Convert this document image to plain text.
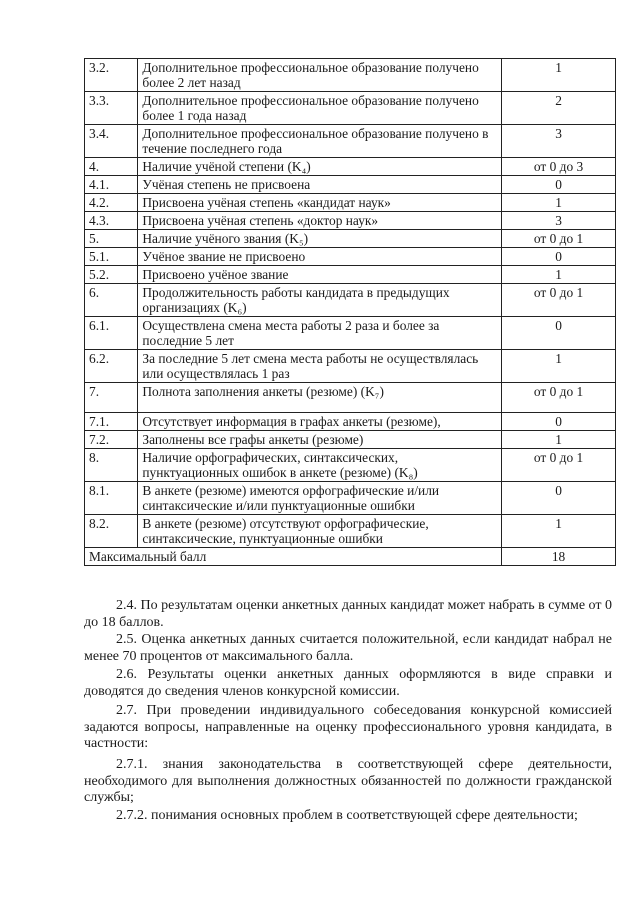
3.2.	Дополнительное профессиональное образование получено более 2 лет назад	1
3.3.	Дополнительное профессиональное образование получено более 1 года назад	2
3.4.	Дополнительное профессиональное образование получено в течение последнего года	3
4.	Наличие учёной степени (K₄)	от 0 до 3
4.1.	Учёная степень не присвоена	0
4.2.	Присвоена учёная степень «кандидат наук»	1
4.3.	Присвоена учёная степень «доктор наук»	3
5.	Наличие учёного звания (K₅)	от 0 до 1
5.1.	Учёное звание не присвоено	0
5.2.	Присвоено учёное звание	1
6.	Продолжительность работы кандидата в предыдущих организациях (K₆)	от 0 до 1
6.1.	Осуществлена смена места работы 2 раза и более за последние 5 лет	0
6.2.	За последние 5 лет смена места работы не осуществлялась или осуществлялась 1 раз	1
7.	Полнота заполнения анкеты (резюме) (K₇)	от 0 до 1
7.1.	Отсутствует информация в графах анкеты (резюме),	0
7.2.	Заполнены все графы анкеты (резюме)	1
8.	Наличие орфографических, синтаксических, пунктуационных ошибок в анкете (резюме) (K₈)	от 0 до 1
8.1.	В анкете (резюме) имеются орфографические и/или синтаксические и/или пунктуационные ошибки	0
8.2.	В анкете (резюме) отсутствуют орфографические, синтаксические, пунктуационные ошибки	1
Максимальный балл		18
2.4. По результатам оценки анкетных данных кандидат может набрать в сумме от 0 до 18 баллов.
2.5. Оценка анкетных данных считается положительной, если кандидат набрал не менее 70 процентов от максимального балла.
2.6. Результаты оценки анкетных данных оформляются в виде справки и доводятся до сведения членов конкурсной комиссии.
2.7. При проведении индивидуального собеседования конкурсной комиссией задаются вопросы, направленные на оценку профессионального уровня кандидата, в частности:
2.7.1. знания законодательства в соответствующей сфере деятельности, необходимого для выполнения должностных обязанностей по должности гражданской службы;
2.7.2. понимания основных проблем в соответствующей сфере деятельности;
